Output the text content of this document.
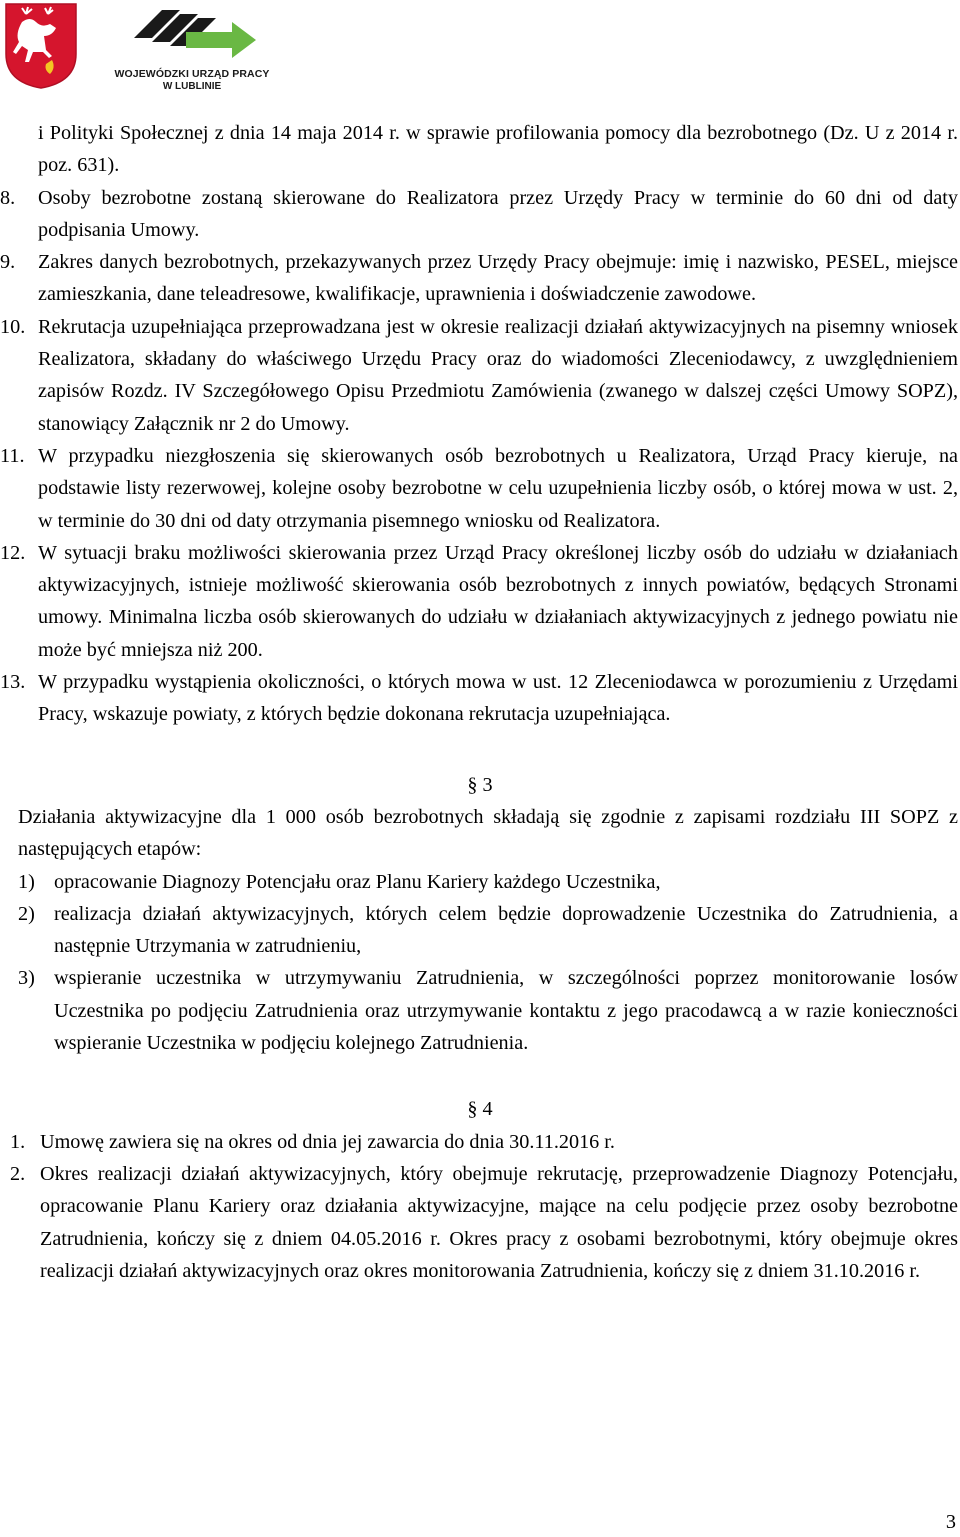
WOJEWÓDZKI URZĄD PRACY
W LUBLINIE

i Polityki Społecznej z dnia 14 maja 2014 r. w sprawie profilowania pomocy dla bezrobotnego (Dz. U z 2014 r. poz. 631).

8. Osoby bezrobotne zostaną skierowane do Realizatora przez Urzędy Pracy w terminie do 60 dni od daty podpisania Umowy.

9. Zakres danych bezrobotnych, przekazywanych przez Urzędy Pracy obejmuje: imię i nazwisko, PESEL, miejsce zamieszkania, dane teleadresowe, kwalifikacje, uprawnienia i doświadczenie zawodowe.

10. Rekrutacja uzupełniająca przeprowadzana jest w okresie realizacji działań aktywizacyjnych na pisemny wniosek Realizatora, składany do właściwego Urzędu Pracy oraz do wiadomości Zleceniodawcy, z uwzględnieniem zapisów Rozdz. IV Szczegółowego Opisu Przedmiotu Zamówienia (zwanego w dalszej części Umowy SOPZ), stanowiący Załącznik nr 2 do Umowy.

11. W przypadku niezgłoszenia się skierowanych osób bezrobotnych u Realizatora, Urząd Pracy kieruje, na podstawie listy rezerwowej, kolejne osoby bezrobotne w celu uzupełnienia liczby osób, o której mowa w ust. 2, w terminie do 30 dni od daty otrzymania pisemnego wniosku od Realizatora.

12. W sytuacji braku możliwości skierowania przez Urząd Pracy określonej liczby osób do udziału w działaniach aktywizacyjnych, istnieje możliwość skierowania osób bezrobotnych z innych powiatów, będących Stronami umowy. Minimalna liczba osób skierowanych do udziału w działaniach aktywizacyjnych z jednego powiatu nie może być mniejsza niż 200.

13. W przypadku wystąpienia okoliczności, o których mowa w ust. 12 Zleceniodawca w porozumieniu z Urzędami Pracy, wskazuje powiaty, z których będzie dokonana rekrutacja uzupełniająca.

§ 3

Działania aktywizacyjne dla 1 000 osób bezrobotnych składają się zgodnie z zapisami rozdziału III SOPZ z następujących etapów:

1) opracowanie Diagnozy Potencjału oraz Planu Kariery każdego Uczestnika,

2) realizacja działań aktywizacyjnych, których celem będzie doprowadzenie Uczestnika do Zatrudnienia, a następnie Utrzymania w zatrudnieniu,

3) wspieranie uczestnika w utrzymywaniu Zatrudnienia, w szczególności poprzez monitorowanie losów Uczestnika po podjęciu Zatrudnienia oraz utrzymywanie kontaktu z jego pracodawcą a w razie konieczności wspieranie Uczestnika w podjęciu kolejnego Zatrudnienia.

§ 4

1. Umowę zawiera się na okres od dnia jej zawarcia do dnia 30.11.2016 r.

2. Okres realizacji działań aktywizacyjnych, który obejmuje rekrutację, przeprowadzenie Diagnozy Potencjału, opracowanie Planu Kariery oraz działania aktywizacyjne, mające na celu podjęcie przez osoby bezrobotne Zatrudnienia, kończy się z dniem 04.05.2016 r. Okres pracy z osobami bezrobotnymi, który obejmuje okres realizacji działań aktywizacyjnych oraz okres monitorowania Zatrudnienia, kończy się z dniem 31.10.2016 r.

3
